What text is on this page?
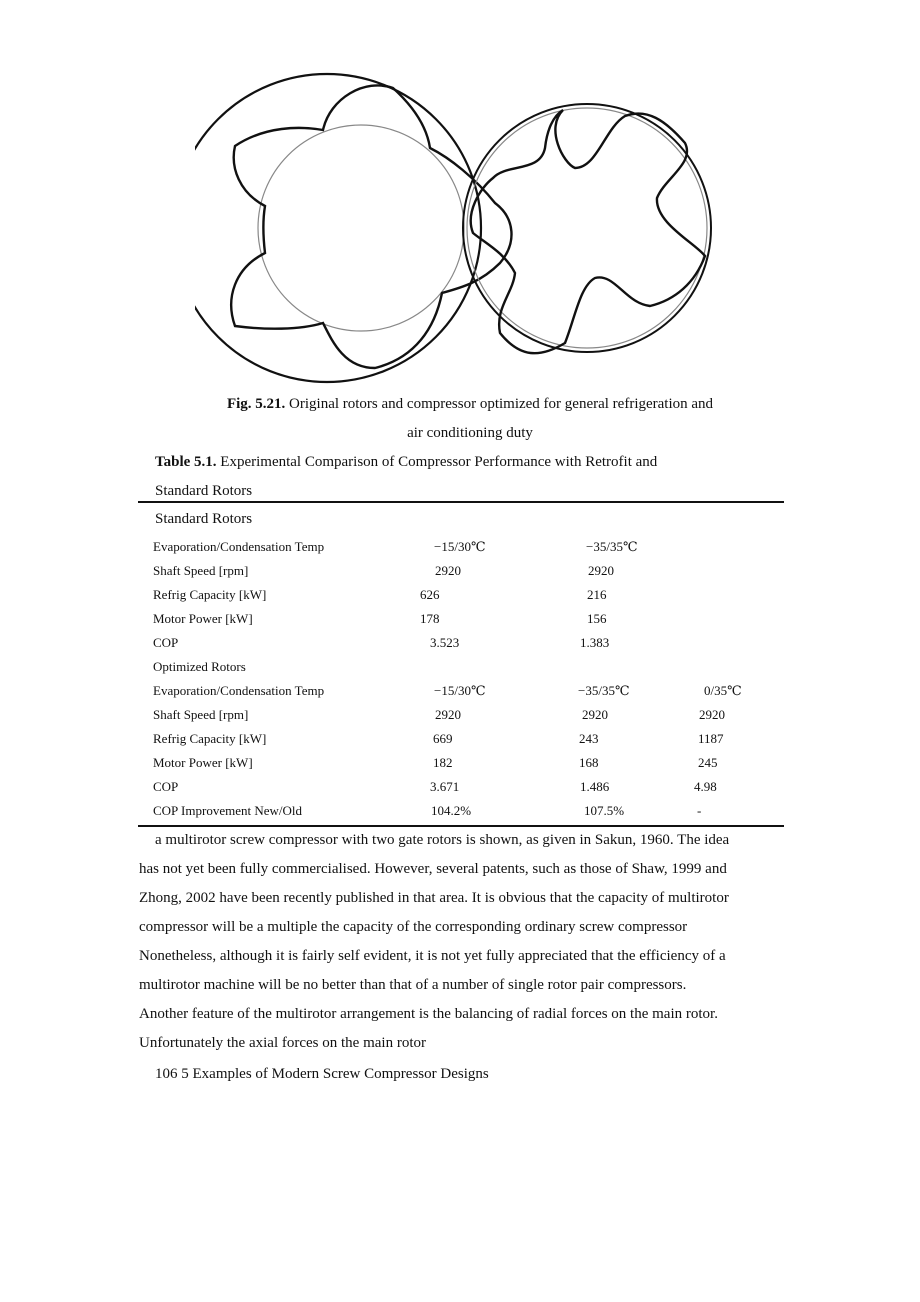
Fig. 5.21. Original rotors and compressor optimized for general refrigeration and
air conditioning duty
Table 5.1. Experimental Comparison of Compressor Performance with Retrofit and
Standard Rotors
Standard Rotors
Evaporation/Condensation Temp	−15/30℃	−35/35℃
Shaft Speed [rpm]	2920	2920
Refrig Capacity [kW]	626	216
Motor Power [kW]	178	156
COP	3.523	1.383
Optimized Rotors
Evaporation/Condensation Temp	−15/30℃	−35/35℃	0/35℃
Shaft Speed [rpm]	2920	2920	2920
Refrig Capacity [kW]	669	243	1187
Motor Power [kW]	182	168	245
COP	3.671	1.486	4.98
COP Improvement New/Old	104.2%	107.5%	-

a multirotor screw compressor with two gate rotors is shown, as given in Sakun, 1960. The idea

has not yet been fully commercialised. However, several patents, such as those of Shaw, 1999 and

Zhong, 2002 have been recently published in that area. It is obvious that the capacity of multirotor

compressor will be a multiple the capacity of the corresponding ordinary screw compressor

Nonetheless, although it is fairly self evident, it is not yet fully appreciated that the efficiency of a

multirotor machine will be no better than that of a number of single rotor pair compressors.

Another feature of the multirotor arrangement is the balancing of radial forces on the main rotor.

Unfortunately the axial forces on the main rotor

106 5 Examples of Modern Screw Compressor Designs
